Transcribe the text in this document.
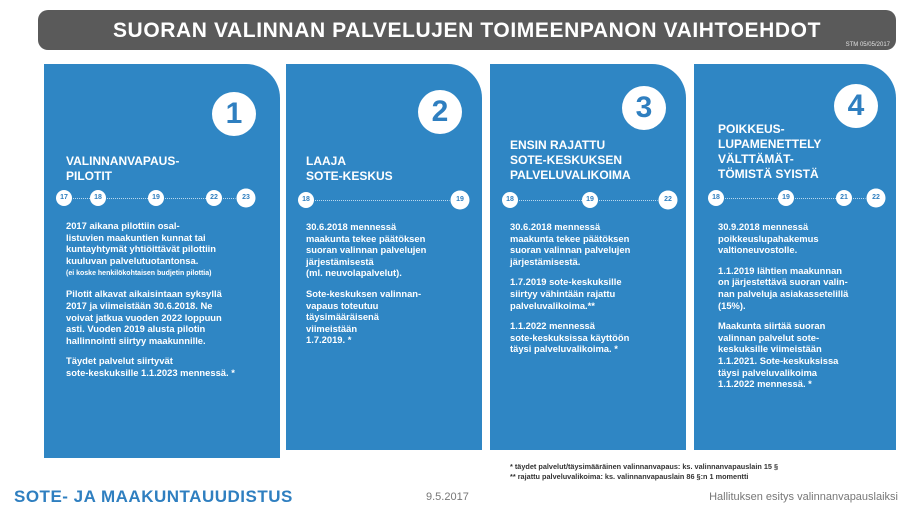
SUORAN VALINNAN PALVELUJEN TOIMEENPANON VAIHTOEHDOT
STM 05/05/2017
1
VALINNANVAPAUS-
PILOTIT
17	18	19	22	23

2017 aikana pilottiin osal-
listuvien maakuntien kunnat tai
kuntayhtymät yhtiöittävät pilottiin
kuuluvan palvelutuotantonsa.

(ei koske henkilökohtaisen budjetin pilottia)

Pilotit alkavat aikaisintaan syksyllä
2017 ja viimeistään 30.6.2018. Ne
voivat jatkua vuoden 2022 loppuun
asti. Vuoden 2019 alusta pilotin
hallinnointi siirtyy maakunnille.

Täydet palvelut siirtyvät
sote-keskuksille 1.1.2023 mennessä. *

2
LAAJA
SOTE-KESKUS
18	19

30.6.2018 mennessä
maakunta tekee päätöksen
suoran valinnan palvelujen
järjestämisestä
(ml. neuvolapalvelut).

Sote-keskuksen valinnan-
vapaus toteutuu
täysimääräisenä
viimeistään
1.7.2019. *

3
ENSIN RAJATTU
SOTE-KESKUKSEN
PALVELUVALIKOIMA
18	19	22

30.6.2018 mennessä
maakunta tekee päätöksen
suoran valinnan palvelujen
järjestämisestä.

1.7.2019 sote-keskuksille
siirtyy vähintään rajattu
palveluvalikoima.**

1.1.2022 mennessä
sote-keskuksissa käyttöön
täysi palveluvalikoima. *

4
POIKKEUS-
LUPAMENETTELY
VÄLTTÄMÄT-
TÖMISTÄ SYISTÄ
18	19	21	22

30.9.2018 mennessä
poikkeuslupahakemus
valtioneuvostolle.

1.1.2019 lähtien maakunnan
on järjestettävä suoran valin-
nan palveluja asiakassetelillä
(15%).

Maakunta siirtää suoran
valinnan palvelut sote-
keskuksille viimeistään
1.1.2021. Sote-keskuksissa
täysi palveluvalikoima
1.1.2022 mennessä. *

* täydet palvelut/täysimääräinen valinnanvapaus: ks. valinnanvapauslain 15 §
** rajattu palveluvalikoima: ks. valinnanvapauslain 86 §:n 1 momentti
SOTE- JA MAAKUNTAUUDISTUS	9.5.2017	Hallituksen esitys valinnanvapauslaiksi
